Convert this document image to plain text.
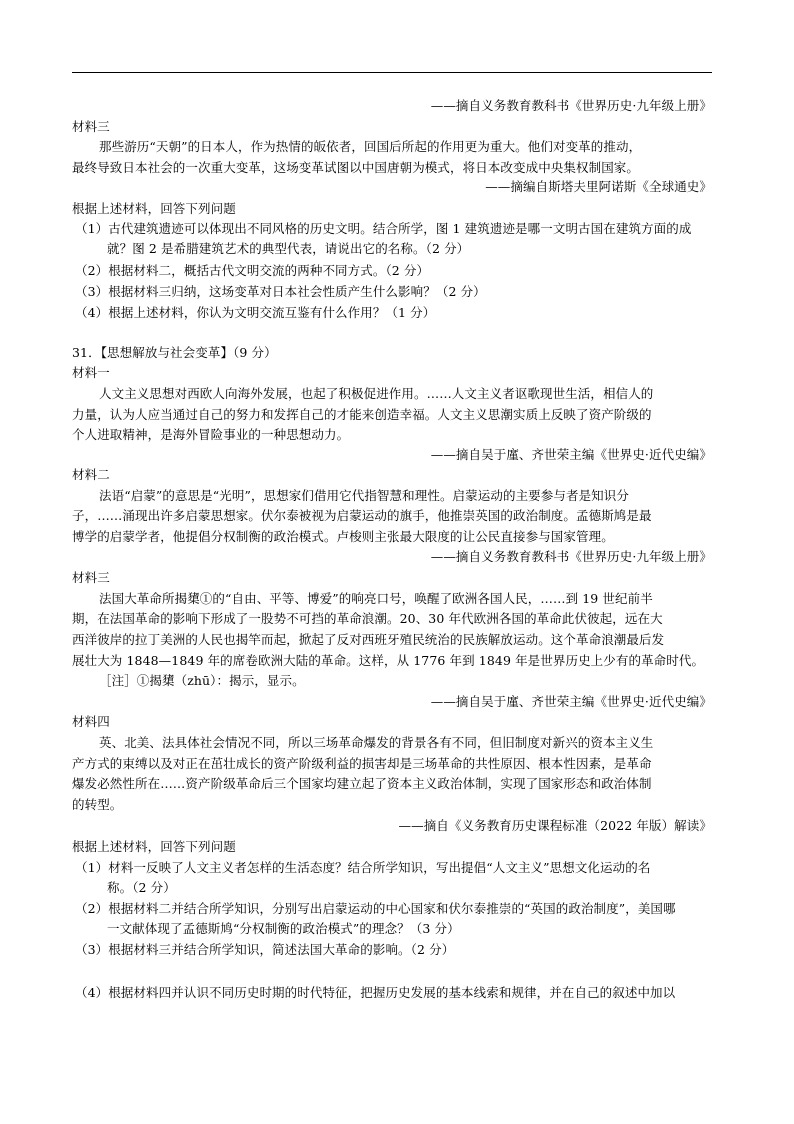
——摘自义务教育教科书《世界历史·九年级上册》
材料三
那些游历“天朝”的日本人，作为热情的皈依者，回国后所起的作用更为重大。他们对变革的推动，
最终导致日本社会的一次重大变革，这场变革试图以中国唐朝为模式，将日本改变成中央集权制国家。
——摘编自斯塔夫里阿诺斯《全球通史》
根据上述材料，回答下列问题
（1）古代建筑遗迹可以体现出不同风格的历史文明。结合所学，图 1 建筑遗迹是哪一文明古国在建筑方面的成
就？图 2 是希腊建筑艺术的典型代表，请说出它的名称。（2 分）
（2）根据材料二，概括古代文明交流的两种不同方式。（2 分）
（3）根据材料三归纳，这场变革对日本社会性质产生什么影响？（2 分）
（4）根据上述材料，你认为文明交流互鉴有什么作用？（1 分）
31．【思想解放与社会变革】（9 分）
材料一
人文主义思想对西欧人向海外发展，也起了积极促进作用。……人文主义者讴歌现世生活，相信人的
力量，认为人应当通过自己的努力和发挥自己的才能来创造幸福。人文主义思潮实质上反映了资产阶级的
个人进取精神，是海外冒险事业的一种思想动力。
——摘自吴于廑、齐世荣主编《世界史·近代史编》
材料二
法语“启蒙”的意思是“光明”，思想家们借用它代指智慧和理性。启蒙运动的主要参与者是知识分
子，……涌现出许多启蒙思想家。伏尔泰被视为启蒙运动的旗手，他推崇英国的政治制度。孟德斯鸠是最
博学的启蒙学者，他提倡分权制衡的政治模式。卢梭则主张最大限度的让公民直接参与国家管理。
——摘自义务教育教科书《世界历史·九年级上册》
材料三
法国大革命所揭橥①的“自由、平等、博爱”的响亮口号，唤醒了欧洲各国人民，……到 19 世纪前半
期，在法国革命的影响下形成了一股势不可挡的革命浪潮。20、30 年代欧洲各国的革命此伏彼起，远在大
西洋彼岸的拉丁美洲的人民也揭竿而起，掀起了反对西班牙殖民统治的民族解放运动。这个革命浪潮最后发
展壮大为 1848—1849 年的席卷欧洲大陆的革命。这样，从 1776 年到 1849 年是世界历史上少有的革命时代。
［注］①揭橥（zhū）：揭示，显示。
——摘自吴于廑、齐世荣主编《世界史·近代史编》
材料四
英、北美、法具体社会情况不同，所以三场革命爆发的背景各有不同，但旧制度对新兴的资本主义生
产方式的束缚以及对正在茁壮成长的资产阶级利益的损害却是三场革命的共性原因、根本性因素，是革命
爆发必然性所在……资产阶级革命后三个国家均建立起了资本主义政治体制，实现了国家形态和政治体制
的转型。
——摘自《义务教育历史课程标准（2022 年版）解读》
根据上述材料，回答下列问题
（1）材料一反映了人文主义者怎样的生活态度？结合所学知识，写出提倡“人文主义”思想文化运动的名
称。（2 分）
（2）根据材料二并结合所学知识，分别写出启蒙运动的中心国家和伏尔泰推崇的“英国的政治制度”，美国哪
一文献体现了孟德斯鸠“分权制衡的政治模式”的理念？（3 分）
（3）根据材料三并结合所学知识，简述法国大革命的影响。（2 分）
（4）根据材料四并认识不同历史时期的时代特征，把握历史发展的基本线索和规律，并在自己的叙述中加以
